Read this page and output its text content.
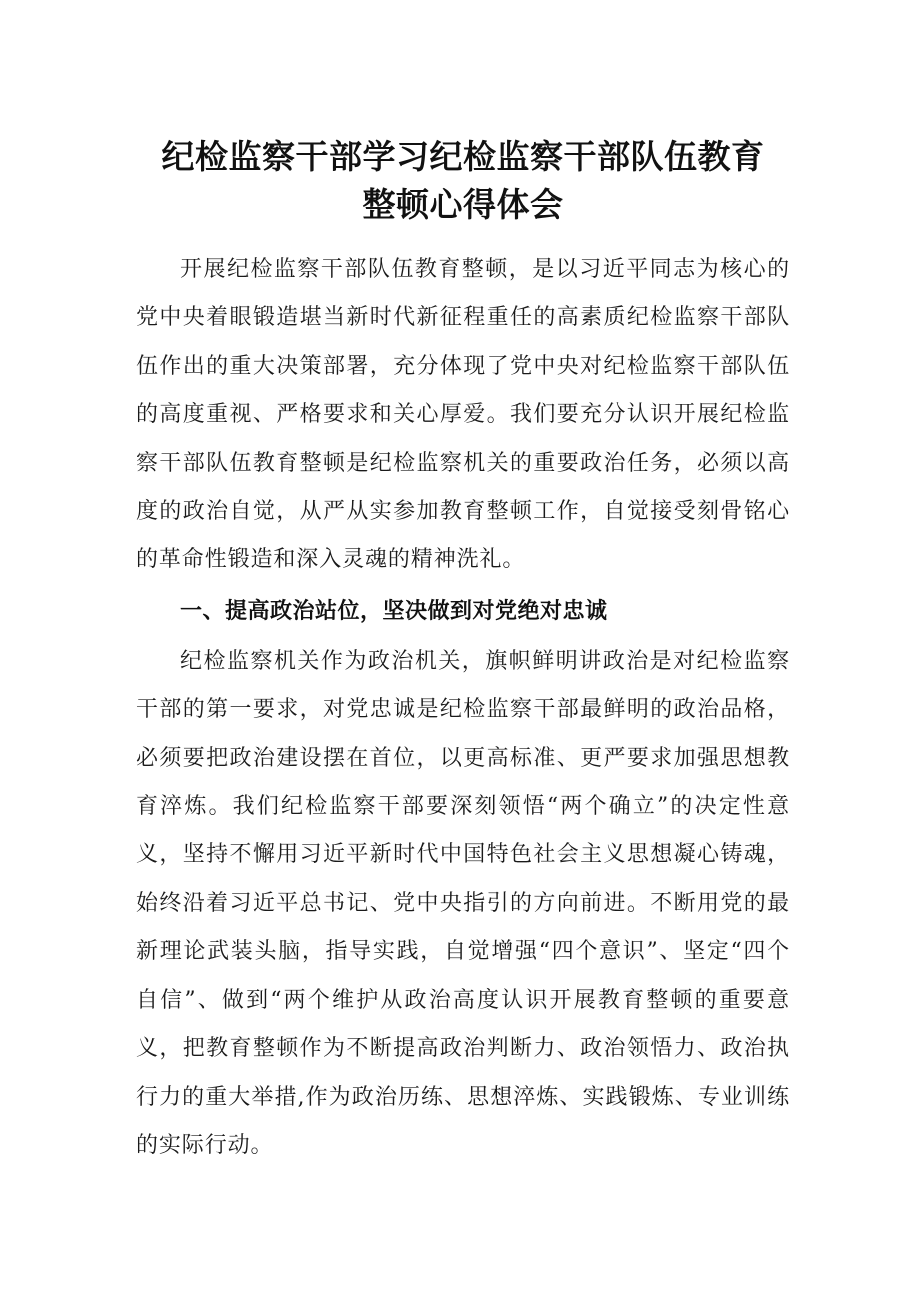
纪检监察干部学习纪检监察干部队伍教育
整顿心得体会

开展纪检监察干部队伍教育整顿，是以习近平同志为核心的党中央着眼锻造堪当新时代新征程重任的高素质纪检监察干部队伍作出的重大决策部署，充分体现了党中央对纪检监察干部队伍的高度重视、严格要求和关心厚爱。我们要充分认识开展纪检监察干部队伍教育整顿是纪检监察机关的重要政治任务，必须以高度的政治自觉，从严从实参加教育整顿工作，自觉接受刻骨铭心的革命性锻造和深入灵魂的精神洗礼。

一、提高政治站位，坚决做到对党绝对忠诚

纪检监察机关作为政治机关，旗帜鲜明讲政治是对纪检监察干部的第一要求，对党忠诚是纪检监察干部最鲜明的政治品格，必须要把政治建设摆在首位，以更高标准、更严要求加强思想教育淬炼。我们纪检监察干部要深刻领悟“两个确立”的决定性意义，坚持不懈用习近平新时代中国特色社会主义思想凝心铸魂，始终沿着习近平总书记、党中央指引的方向前进。不断用党的最新理论武装头脑，指导实践，自觉增强“四个意识”、坚定“四个自信”、做到“两个维护从政治高度认识开展教育整顿的重要意义，把教育整顿作为不断提高政治判断力、政治领悟力、政治执行力的重大举措,作为政治历练、思想淬炼、实践锻炼、专业训练的实际行动。
